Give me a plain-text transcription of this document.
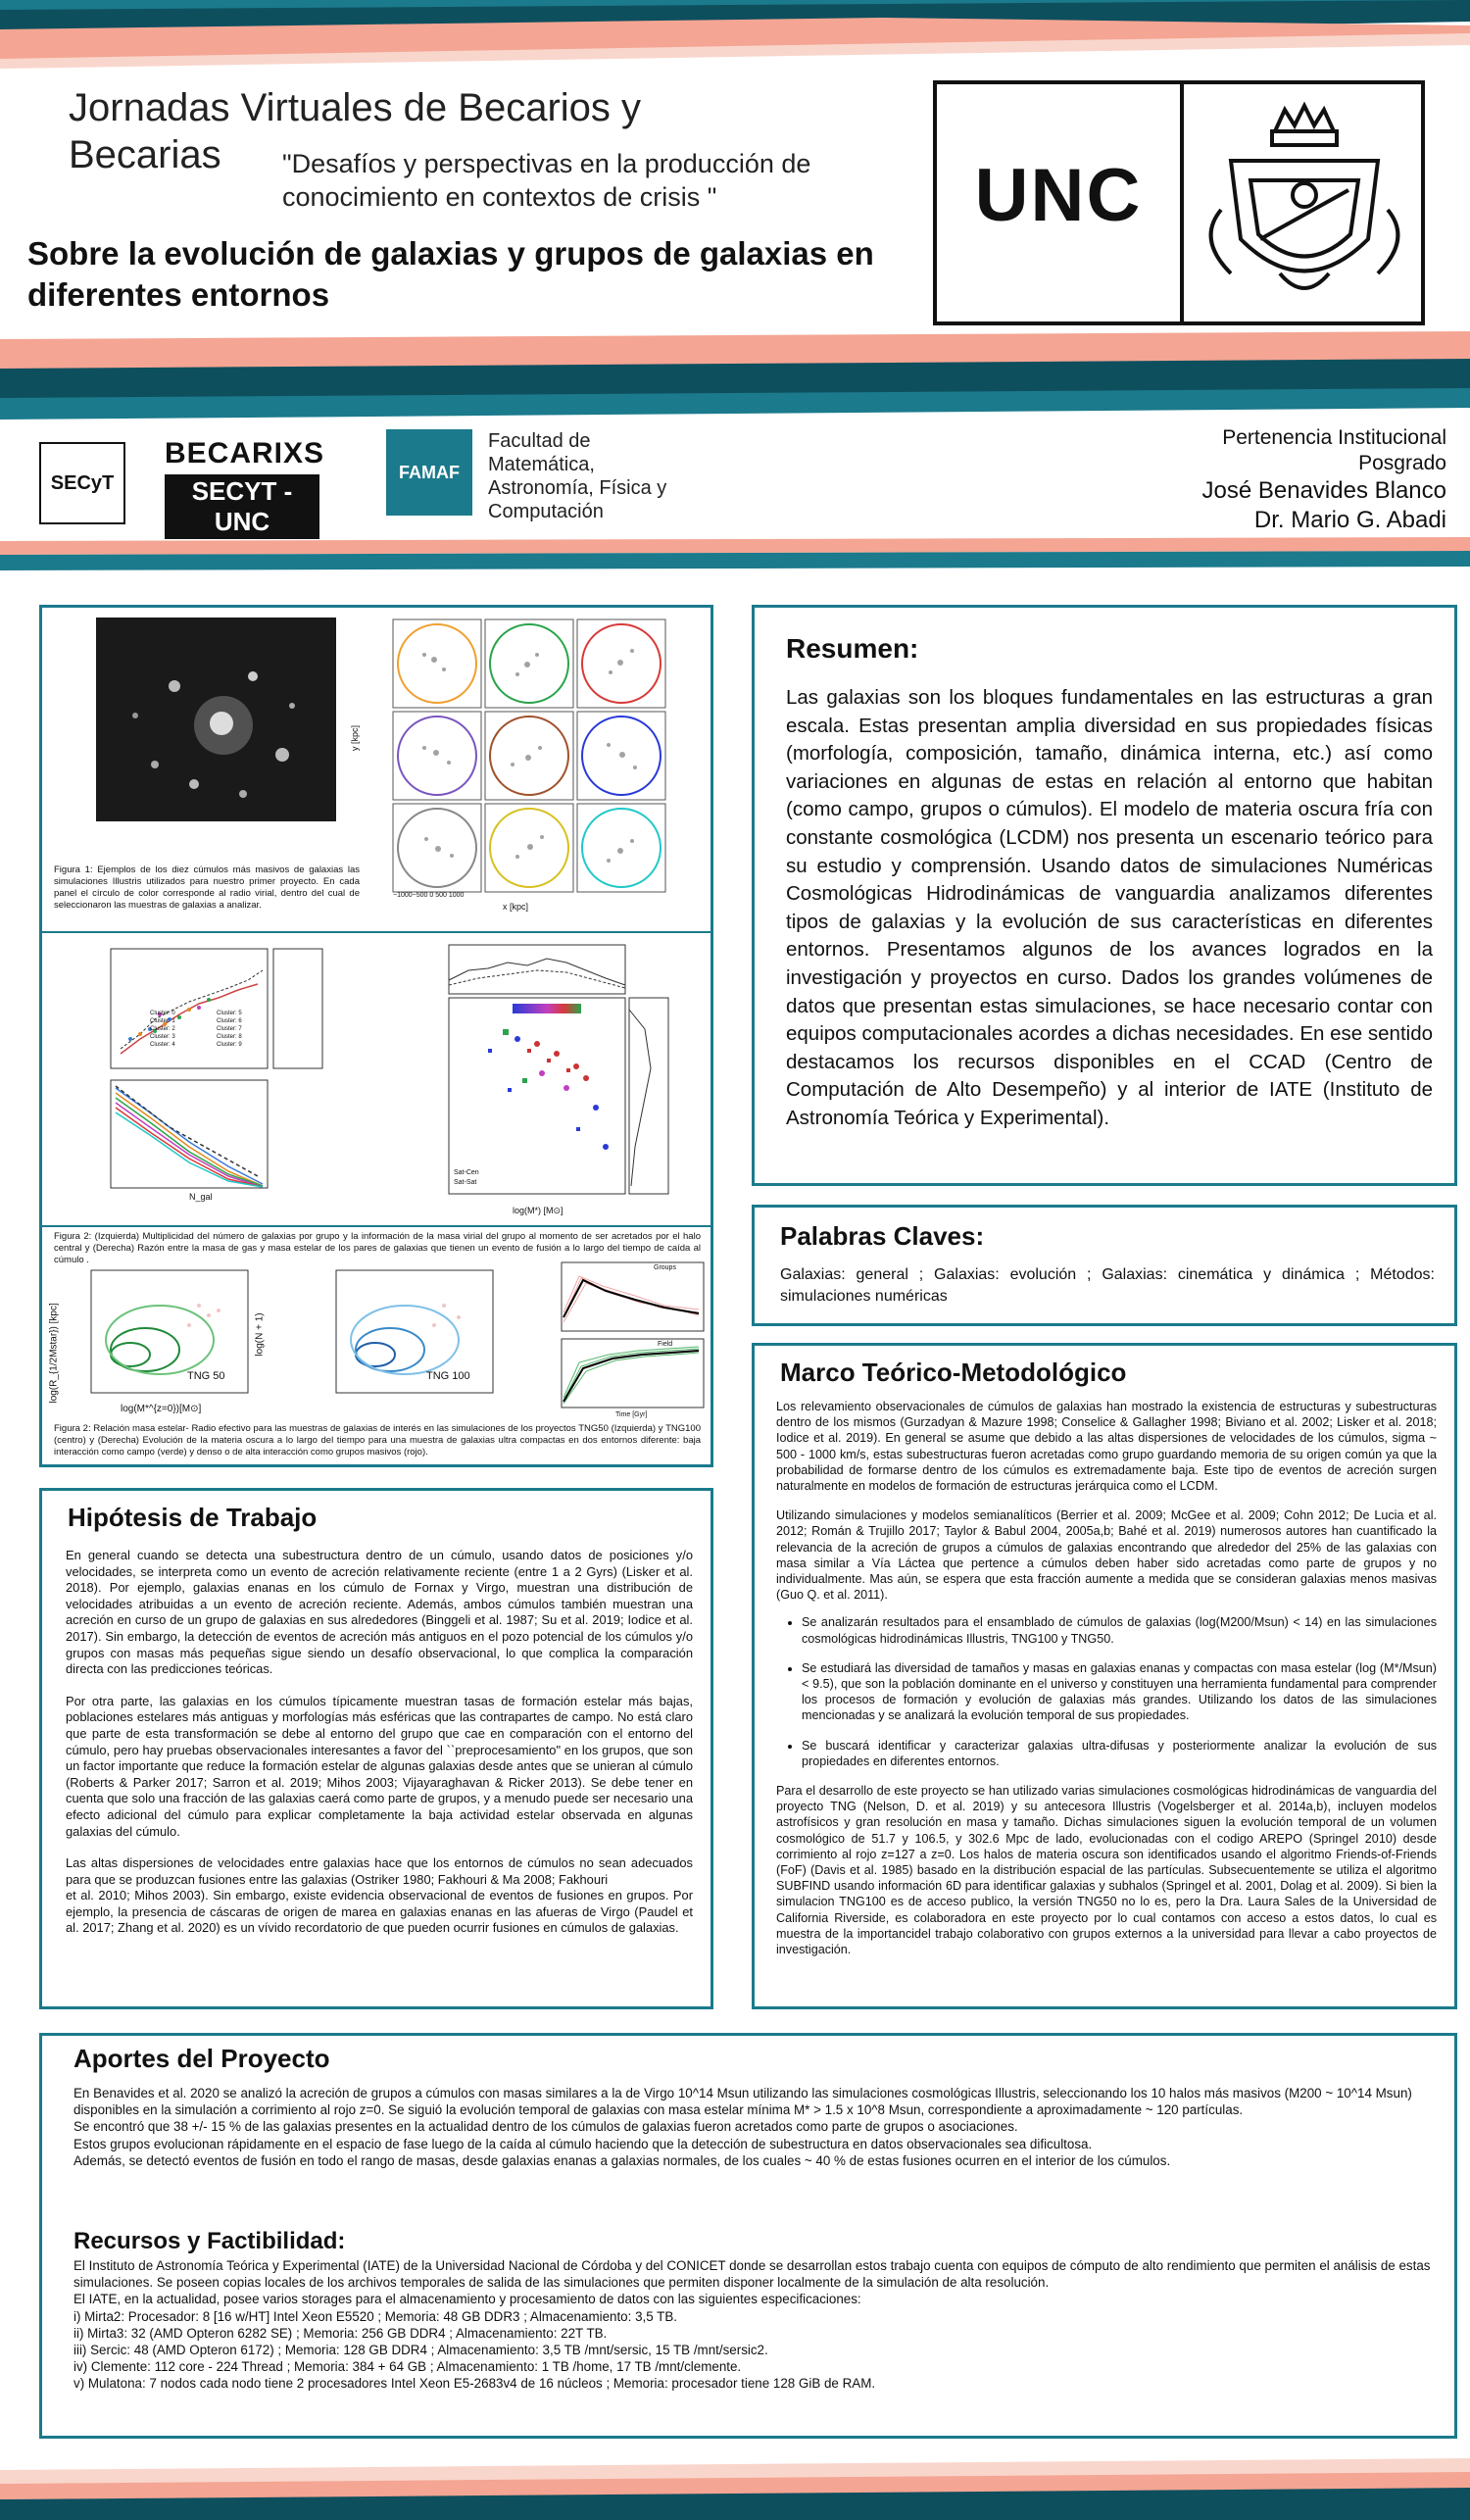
Jornadas Virtuales de Becarios y Becarias	"Desafíos y perspectivas en la producción de conocimiento en contextos de crisis "
Sobre la evolución de galaxias y grupos de galaxias en diferentes entornos
UNC
SECyT
BECARIXS
SECYT -UNC
FAMAF
Facultad de Matemática, Astronomía, Física y Computación
Pertenencia Institucional
Posgrado
José Benavides Blanco
Dr. Mario G. Abadi
Figura 1: Ejemplos de los diez cúmulos más masivos de galaxias las simulaciones Illustris utilizados para nuestro primer proyecto. En cada panel el círculo de color corresponde al radio virial, dentro del cual de seleccionaron las muestras de galaxias a analizar.
y [kpc]
−1000−500 0 500 1000
x [kpc]
Cluster: 0
Cluster: 1
Cluster: 2
Cluster: 3
Cluster: 4
Cluster: 5
Cluster: 6
Cluster: 7
Cluster: 8
Cluster: 9
N_gal
Sat-Cen
Sat-Sat
log(M*) [M⊙]
Figura 2: (Izquierda) Multiplicidad del número de galaxias por grupo y la información de la masa virial del grupo al momento de ser acretados por el halo central y (Derecha) Razón entre la masa de gas y masa estelar de los pares de galaxias que tienen un evento de fusión a lo largo del tiempo de caída al cúmulo .
TNG 50
log(R_{1/2Mstar}) [kpc]	TNG 100
log(N + 1)
log(M*^{z=0})[M⊙]
Groups
Field
Time [Gyr]
Figura 2: Relación masa estelar- Radio efectivo para las muestras de galaxias de interés en las simulaciones de los proyectos TNG50 (Izquierda) y TNG100 (centro) y (Derecha) Evolución de la materia oscura a lo largo del tiempo para una muestra de galaxias ultra compactas en dos entornos diferente: baja interacción como campo (verde) y denso o de alta interacción como grupos masivos (rojo).
Resumen:
Las galaxias son los bloques fundamentales en las estructuras a gran escala. Estas presentan amplia diversidad en sus propiedades físicas (morfología, composición, tamaño, dinámica interna, etc.) así como variaciones en algunas de estas en relación al entorno que habitan (como campo, grupos o cúmulos). El modelo de materia oscura fría con constante cosmológica (LCDM) nos presenta un escenario teórico para su estudio y comprensión. Usando datos de simulaciones Numéricas Cosmológicas Hidrodinámicas de vanguardia analizamos diferentes tipos de galaxias y la evolución de sus características en diferentes entornos. Presentamos algunos de los avances logrados en la investigación y proyectos en curso. Dados los grandes volúmenes de datos que presentan estas simulaciones, se hace necesario contar con equipos computacionales acordes a dichas necesidades. En ese sentido destacamos los recursos disponibles en el CCAD (Centro de Computación de Alto Desempeño) y al interior de IATE (Instituto de Astronomía Teórica y Experimental).
Palabras Claves:
Galaxias: general ; Galaxias: evolución ; Galaxias: cinemática y dinámica ; Métodos: simulaciones numéricas
Marco Teórico-Metodológico

Los relevamiento observacionales de cúmulos de galaxias han mostrado la existencia de estructuras y subestructuras dentro de los mismos (Gurzadyan & Mazure 1998; Conselice & Gallagher 1998; Biviano et al. 2002; Lisker et al. 2018; Iodice et al. 2019). En general se asume que debido a las altas dispersiones de velocidades de los cúmulos, sigma ~ 500 - 1000 km/s, estas subestructuras fueron acretadas como grupo guardando memoria de su origen común ya que la probabilidad de formarse dentro de los cúmulos es extremadamente baja. Este tipo de eventos de acreción surgen naturalmente en modelos de formación de estructuras jerárquica como el LCDM.

Utilizando simulaciones y modelos semianalíticos (Berrier et al. 2009; McGee et al. 2009; Cohn 2012; De Lucia et al. 2012; Román & Trujillo 2017; Taylor & Babul 2004, 2005a,b; Bahé et al. 2019) numerosos autores han cuantificado la relevancia de la acreción de grupos a cúmulos de galaxias encontrando que alrededor del 25% de las galaxias con masa similar a Vía Láctea que pertence a cúmulos deben haber sido acretadas como parte de grupos y no individualmente. Mas aún, se espera que esta fracción aumente a medida que se consideran galaxias menos masivas (Guo Q. et al. 2011).

• Se analizarán resultados para el ensamblado de cúmulos de galaxias (log(M200/Msun) < 14) en las simulaciones cosmológicas hidrodinámicas Illustris, TNG100 y TNG50.
• Se estudiará las diversidad de tamaños y masas en galaxias enanas y compactas con masa estelar (log (M*/Msun) < 9.5), que son la población dominante en el universo y constituyen una herramienta fundamental para comprender los procesos de formación y evolución de galaxias más grandes. Utilizando los datos de las simulaciones mencionadas y se analizará la evolución temporal de sus propiedades.
• Se buscará identificar y caracterizar galaxias ultra-difusas y posteriormente analizar la evolución de sus propiedades en diferentes entornos.

Para el desarrollo de este proyecto se han utilizado varias simulaciones cosmológicas hidrodinámicas de vanguardia del proyecto TNG (Nelson, D. et al. 2019) y su antecesora Illustris (Vogelsberger et al. 2014a,b), incluyen modelos astrofísicos y gran resolución en masa y tamaño. Dichas simulaciones siguen la evolución temporal de un volumen cosmológico de 51.7 y 106.5, y 302.6 Mpc de lado, evolucionadas con el codigo AREPO (Springel 2010) desde corrimiento al rojo z=127 a z=0. Los halos de materia oscura son identificados usando el algoritmo Friends-of-Friends (FoF) (Davis et al. 1985) basado en la distribución espacial de las partículas. Subsecuentemente se utiliza el algoritmo SUBFIND usando información 6D para identificar galaxias y subhalos (Springel et al. 2001, Dolag et al. 2009). Si bien la simulacion TNG100 es de acceso publico, la versión TNG50 no lo es, pero la Dra. Laura Sales de la Universidad de California Riverside, es colaboradora en este proyecto por lo cual contamos con acceso a estos datos, lo cual es muestra de la importancidel trabajo colaborativo con grupos externos a la universidad para llevar a cabo proyectos de investigación.

Hipótesis de Trabajo

En general cuando se detecta una subestructura dentro de un cúmulo, usando datos de posiciones y/o velocidades, se interpreta como un evento de acreción relativamente reciente (entre 1 a 2 Gyrs) (Lisker et al. 2018). Por ejemplo, galaxias enanas en los cúmulo de Fornax y Virgo, muestran una distribución de velocidades atribuidas a un evento de acreción reciente. Además, ambos cúmulos también muestran una acreción en curso de un grupo de galaxias en sus alrededores (Binggeli et al. 1987; Su et al. 2019; Iodice et al. 2017). Sin embargo, la detección de eventos de acreción más antiguos en el pozo potencial de los cúmulos y/o grupos con masas más pequeñas sigue siendo un desafío observacional, lo que complica la comparación directa con las predicciones teóricas.

Por otra parte, las galaxias en los cúmulos típicamente muestran tasas de formación estelar más bajas, poblaciones estelares más antiguas y morfologías más esféricas que las contrapartes de campo. No está claro que parte de esta transformación se debe al entorno del grupo que cae en comparación con el entorno del cúmulo, pero hay pruebas observacionales interesantes a favor del ``preprocesamiento" en los grupos, que son un factor importante que reduce la formación estelar de algunas galaxias desde antes que se unieran al cúmulo (Roberts & Parker 2017; Sarron et al. 2019; Mihos 2003; Vijayaraghavan & Ricker 2013). Se debe tener en cuenta que solo una fracción de las galaxias caerá como parte de grupos, y a menudo puede ser necesario una efecto adicional del cúmulo para explicar completamente la baja actividad estelar observada en algunas galaxias del cúmulo.

Las altas dispersiones de velocidades entre galaxias hace que los entornos de cúmulos no sean adecuados para que se produzcan fusiones entre las galaxias (Ostriker 1980; Fakhouri & Ma 2008; Fakhouri

et al. 2010; Mihos 2003). Sin embargo, existe evidencia observacional de eventos de fusiones en grupos. Por ejemplo, la presencia de cáscaras de origen de marea en galaxias enanas en las afueras de Virgo (Paudel et al. 2017; Zhang et al. 2020) es un vívido recordatorio de que pueden ocurrir fusiones en cúmulos de galaxias.

Aportes del Proyecto

En Benavides et al. 2020 se analizó la acreción de grupos a cúmulos con masas similares a la de Virgo 10^14 Msun utilizando las simulaciones cosmológicas Illustris, seleccionando los 10 halos más masivos (M200 ~ 10^14 Msun) disponibles en la simulación a corrimiento al rojo z=0. Se siguió la evolución temporal de galaxias con masa estelar mínima M* > 1.5 x 10^8 Msun, correspondiente a aproximadamente ~ 120 partículas.

Se encontró que 38 +/- 15 % de las galaxias presentes en la actualidad dentro de los cúmulos de galaxias fueron acretados como parte de grupos o asociaciones.

Estos grupos evolucionan rápidamente en el espacio de fase luego de la caída al cúmulo haciendo que la detección de subestructura en datos observacionales sea dificultosa.

Además, se detectó eventos de fusión en todo el rango de masas, desde galaxias enanas a galaxias normales, de los cuales ~ 40 % de estas fusiones ocurren en el interior de los cúmulos.

Recursos y Factibilidad:

El Instituto de Astronomía Teórica y Experimental (IATE) de la Universidad Nacional de Córdoba y del CONICET donde se desarrollan estos trabajo cuenta con equipos de cómputo de alto rendimiento que permiten el análisis de estas simulaciones. Se poseen copias locales de los archivos temporales de salida de las simulaciones que permiten disponer localmente de la simulación de alta resolución.

El IATE, en la actualidad, posee varios storages para el almacenamiento y procesamiento de datos con las siguientes especificaciones:

i) Mirta2: Procesador: 8 [16 w/HT] Intel Xeon E5520 ; Memoria: 48 GB DDR3 ; Almacenamiento: 3,5 TB.

ii) Mirta3: 32 (AMD Opteron 6282 SE) ; Memoria: 256 GB DDR4 ; Almacenamiento: 22T TB.

iii) Sercic: 48 (AMD Opteron 6172) ; Memoria: 128 GB DDR4 ; Almacenamiento: 3,5 TB /mnt/sersic, 15 TB /mnt/sersic2.

iv) Clemente: 112 core - 224 Thread ; Memoria: 384 + 64 GB ; Almacenamiento: 1 TB /home, 17 TB /mnt/clemente.

v) Mulatona: 7 nodos cada nodo tiene 2 procesadores Intel Xeon E5-2683v4 de 16 núcleos ; Memoria: procesador tiene 128 GiB de RAM.
